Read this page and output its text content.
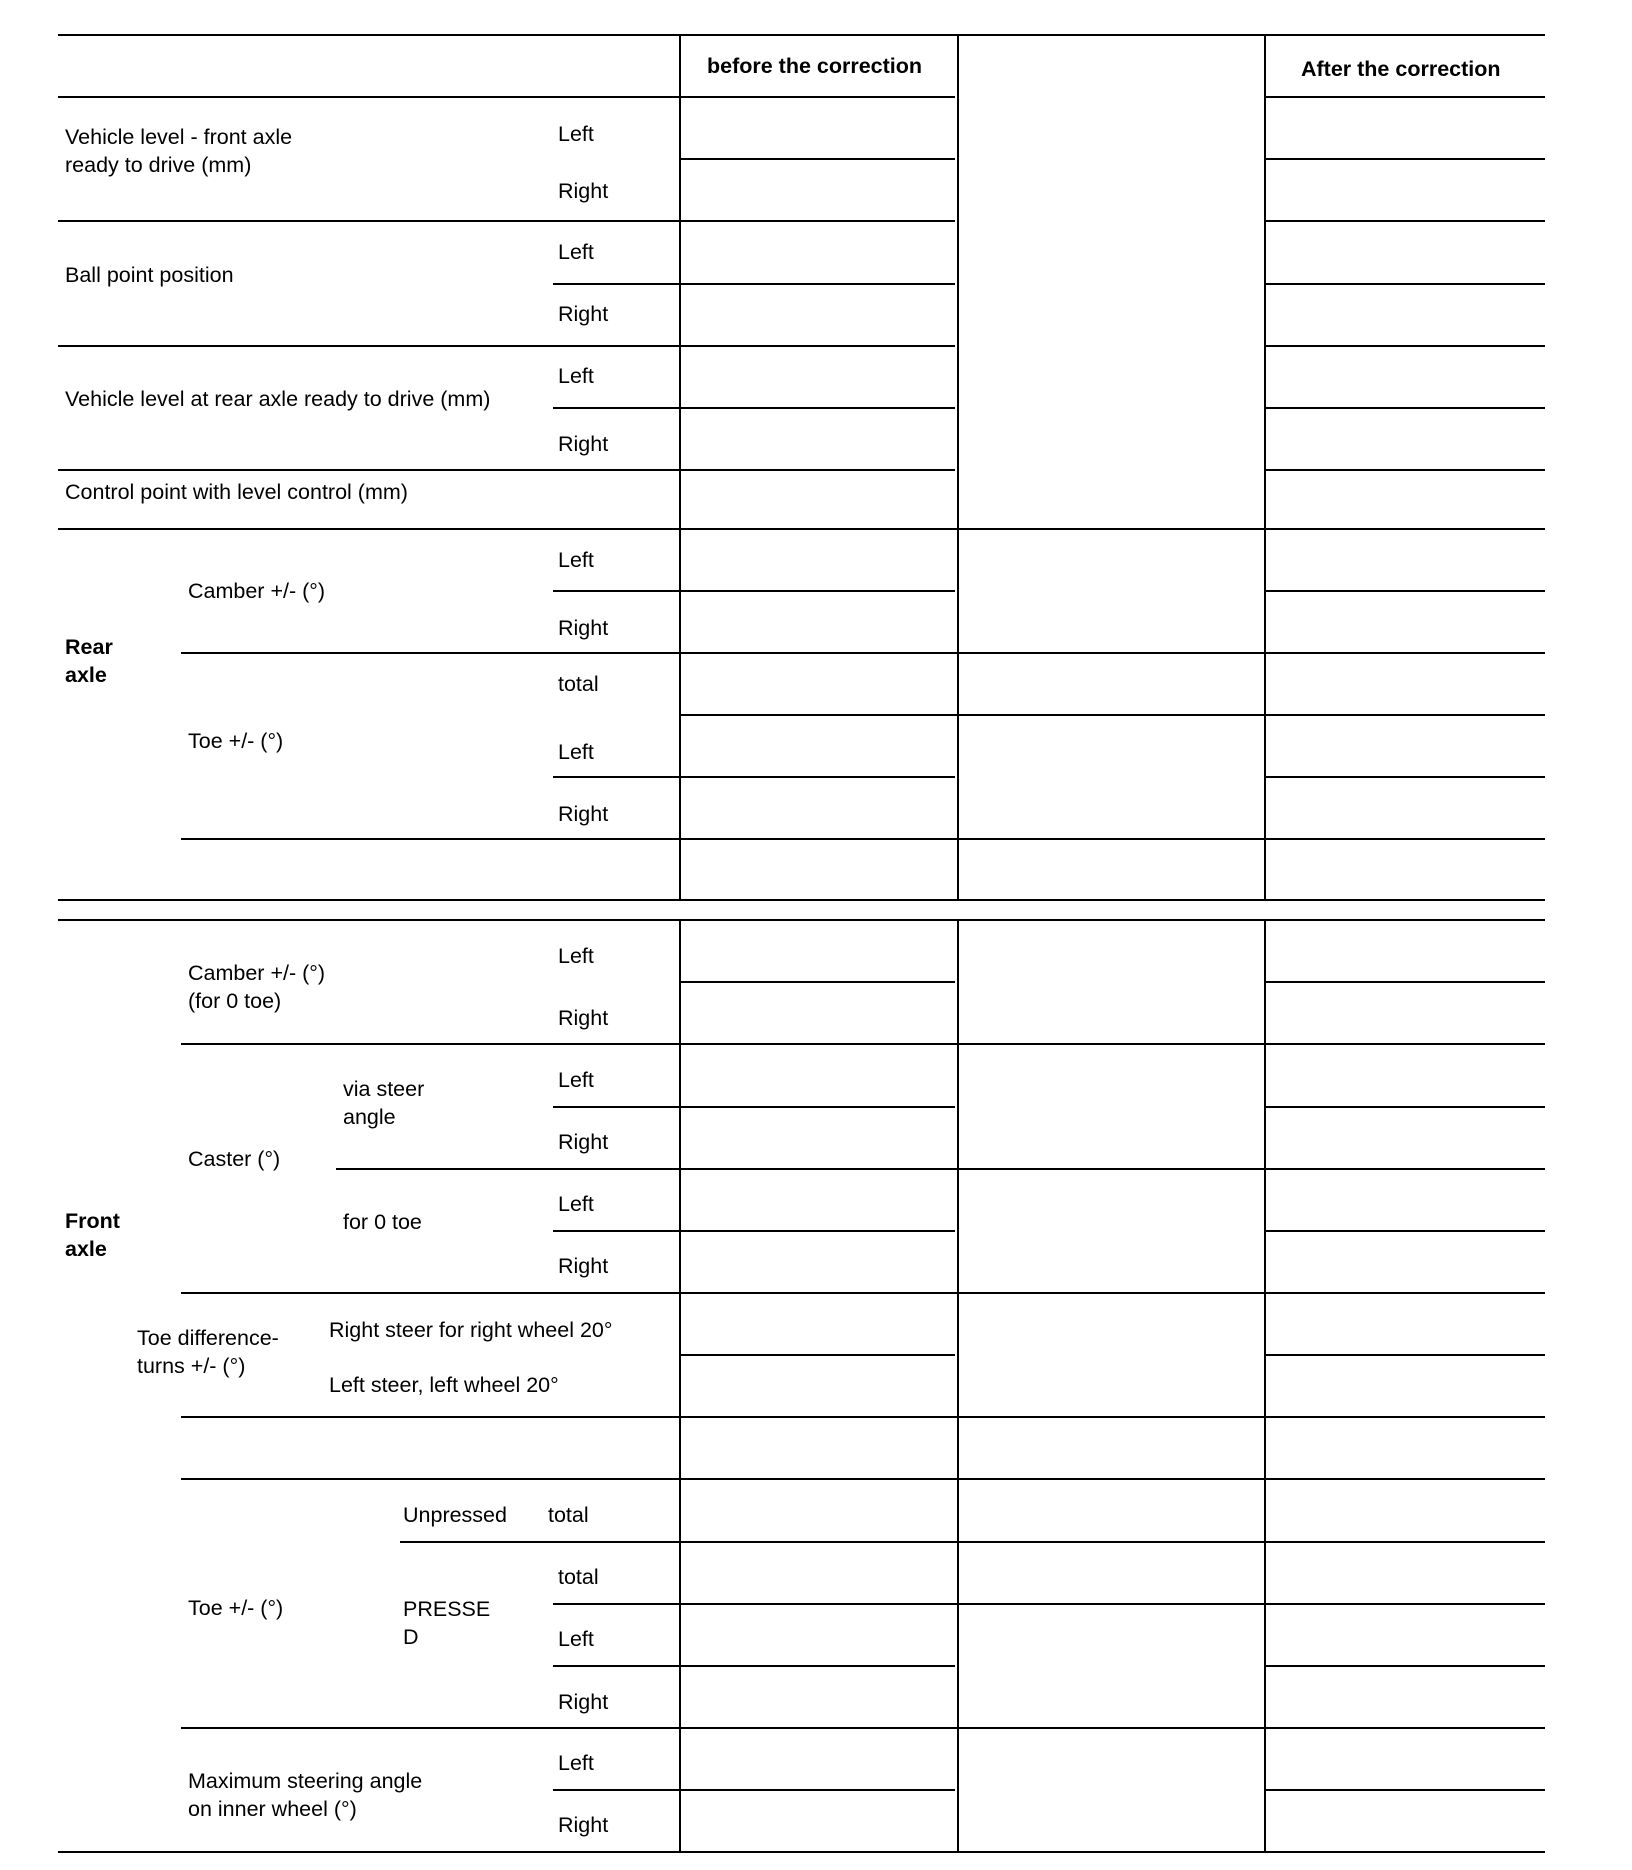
before the correction	After the correction
Vehicle level - front axle
ready to drive (mm)
Left
Right
Ball point position
Left
Right
Vehicle level at rear axle ready to drive (mm)
Left
Right
Control point with level control (mm)
Rear
axle
Camber +/- (°)
Left
Right
Toe +/- (°)
total
Left
Right
Front
axle
Camber +/- (°)
(for 0 toe)
Left
Right
Caster (°)
via steer
angle
Left
Right
for 0 toe
Left
Right
Toe difference-
turns +/- (°)
Right steer for right wheel 20°
Left steer, left wheel 20°
Toe +/- (°)
Unpressed total
PRESSE
D
total
Left
Right
Maximum steering angle
on inner wheel (°)
Left
Right
